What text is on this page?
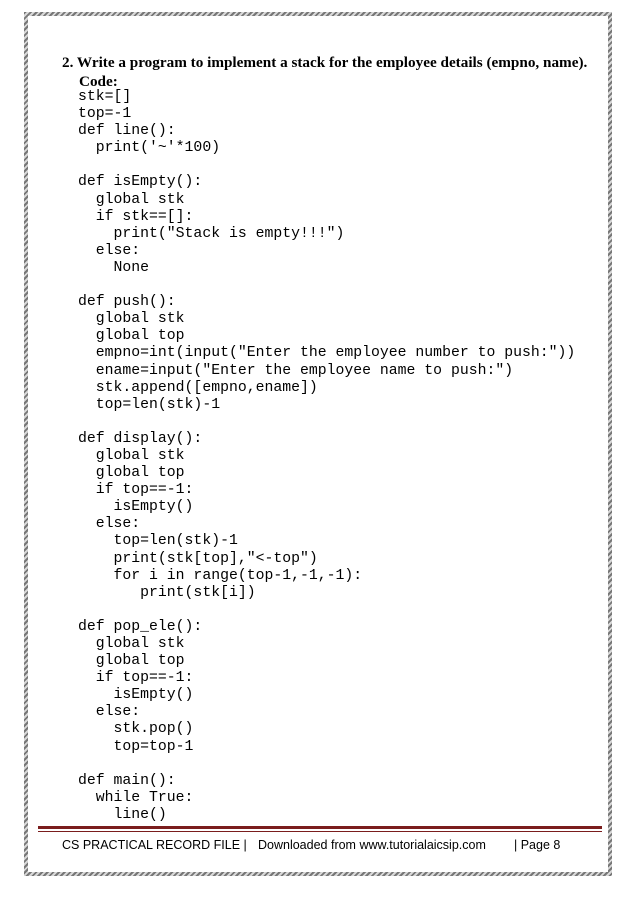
2. Write a program to implement a stack for the employee details (empno, name).
Code:
stk=[]
top=-1
def line():
print('~'*100)
def isEmpty():
global stk
if stk==[]:
print("Stack is empty!!!")
else:
None
def push():
global stk
global top
empno=int(input("Enter the employee number to push:"))
ename=input("Enter the employee name to push:")
stk.append([empno,ename])
top=len(stk)-1
def display():
global stk
global top
if top==-1:
isEmpty()
else:
top=len(stk)-1
print(stk[top],"<-top")
for i in range(top-1,-1,-1):
print(stk[i])
def pop_ele():
global stk
global top
if top==-1:
isEmpty()
else:
stk.pop()
top=top-1
def main():
while True:
line()
CS PRACTICAL RECORD FILE | Downloaded from www.tutorialaicsip.com | Page 8
